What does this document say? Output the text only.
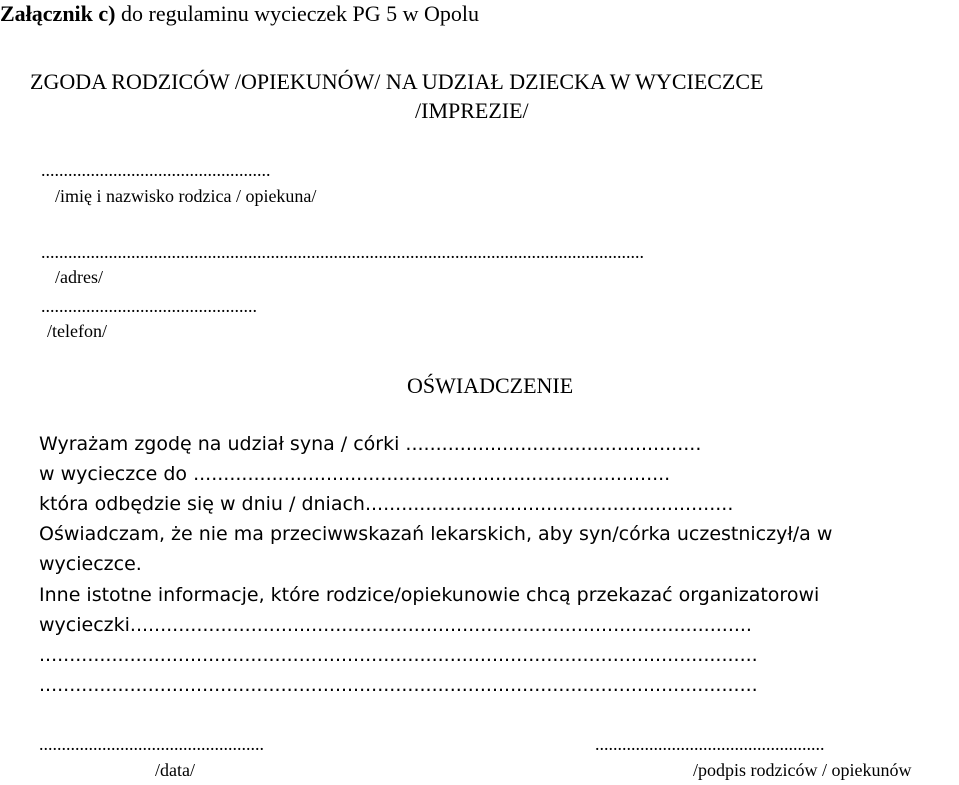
Załącznik c) do regulaminu wycieczek PG 5 w Opolu
ZGODA RODZICÓW /OPIEKUNÓW/ NA UDZIAŁ DZIECKA W WYCIECZCE
/IMPREZIE/
...................................................
/imię i nazwisko rodzica / opiekuna/
......................................................................................................................................
/adres/
................................................
/telefon/
OŚWIADCZENIE
Wyrażam zgodę na udział syna / córki .................................................
w wycieczce do ...............................................................................
która odbędzie się w dniu / dniach.............................................................
Oświadczam, że nie ma przeciwwskazań lekarskich, aby syn/córka uczestniczył/a w
wycieczce.
Inne istotne informacje, które rodzice/opiekunowie chcą przekazać organizatorowi
wycieczki.......................................................................................................
.......................................................................................................................
.......................................................................................................................
..................................................
/data/
...................................................
/podpis rodziców / opiekunów
